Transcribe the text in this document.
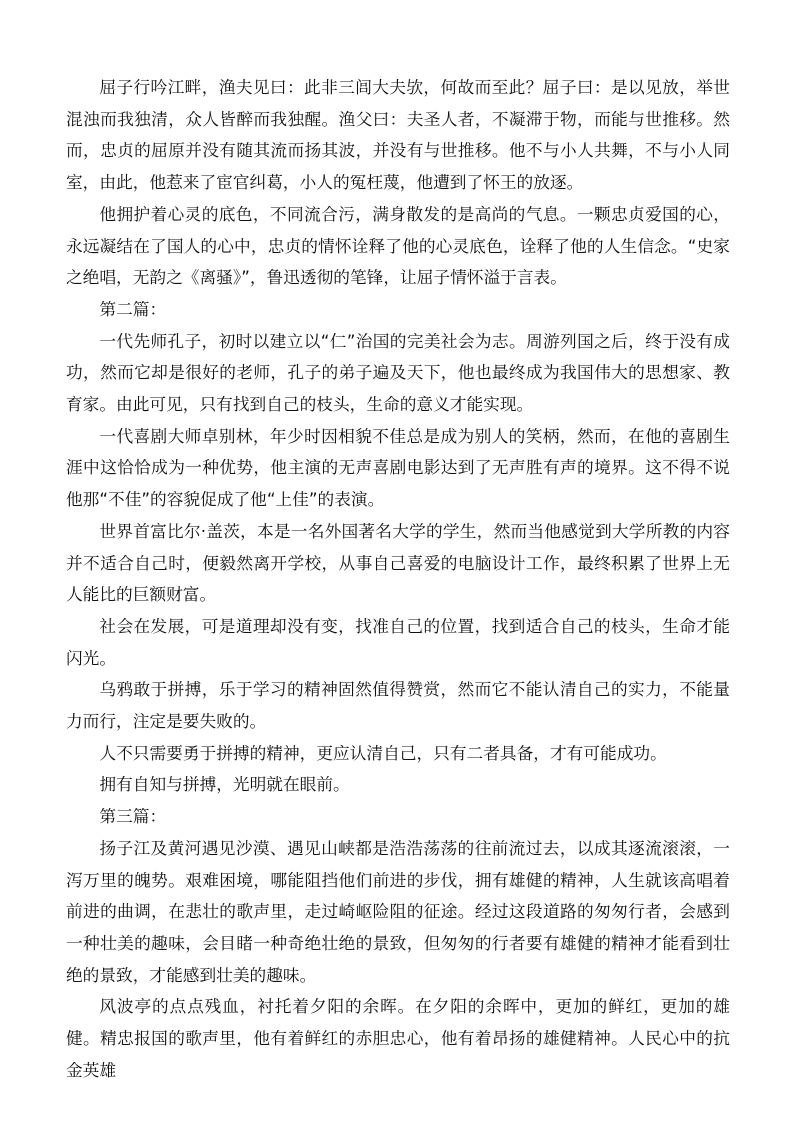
屈子行吟江畔，渔夫见曰：此非三闾大夫欤，何故而至此？屈子曰：是以见放，举世混浊而我独清，众人皆醉而我独醒。渔父曰：夫圣人者，不凝滞于物，而能与世推移。然而，忠贞的屈原并没有随其流而扬其波，并没有与世推移。他不与小人共舞，不与小人同室，由此，他惹来了宦官纠葛，小人的冤枉蔑，他遭到了怀王的放逐。

他拥护着心灵的底色，不同流合污，满身散发的是高尚的气息。一颗忠贞爱国的心，永远凝结在了国人的心中，忠贞的情怀诠释了他的心灵底色，诠释了他的人生信念。“史家之绝唱，无韵之《离骚》”，鲁迅透彻的笔锋，让屈子情怀溢于言表。

第二篇：

一代先师孔子，初时以建立以“仁”治国的完美社会为志。周游列国之后，终于没有成功，然而它却是很好的老师，孔子的弟子遍及天下，他也最终成为我国伟大的思想家、教育家。由此可见，只有找到自己的枝头，生命的意义才能实现。

一代喜剧大师卓别林，年少时因相貌不佳总是成为别人的笑柄，然而，在他的喜剧生涯中这恰恰成为一种优势，他主演的无声喜剧电影达到了无声胜有声的境界。这不得不说他那“不佳”的容貌促成了他“上佳”的表演。

世界首富比尔·盖茨，本是一名外国著名大学的学生，然而当他感觉到大学所教的内容并不适合自己时，便毅然离开学校，从事自己喜爱的电脑设计工作，最终积累了世界上无人能比的巨额财富。

社会在发展，可是道理却没有变，找准自己的位置，找到适合自己的枝头，生命才能闪光。

乌鸦敢于拼搏，乐于学习的精神固然值得赞赏，然而它不能认清自己的实力，不能量力而行，注定是要失败的。

人不只需要勇于拼搏的精神，更应认清自己，只有二者具备，才有可能成功。

拥有自知与拼搏，光明就在眼前。

第三篇：

扬子江及黄河遇见沙漠、遇见山峡都是浩浩荡荡的往前流过去，以成其逐流滚滚，一泻万里的魄势。艰难困境，哪能阻挡他们前进的步伐，拥有雄健的精神，人生就该高唱着前进的曲调，在悲壮的歌声里，走过崎岖险阻的征途。经过这段道路的匆匆行者，会感到一种壮美的趣味，会目睹一种奇绝壮绝的景致，但匆匆的行者要有雄健的精神才能看到壮绝的景致，才能感到壮美的趣味。

风波亭的点点残血，衬托着夕阳的余晖。在夕阳的余晖中，更加的鲜红，更加的雄健。精忠报国的歌声里，他有着鲜红的赤胆忠心，他有着昂扬的雄健精神。人民心中的抗金英雄
